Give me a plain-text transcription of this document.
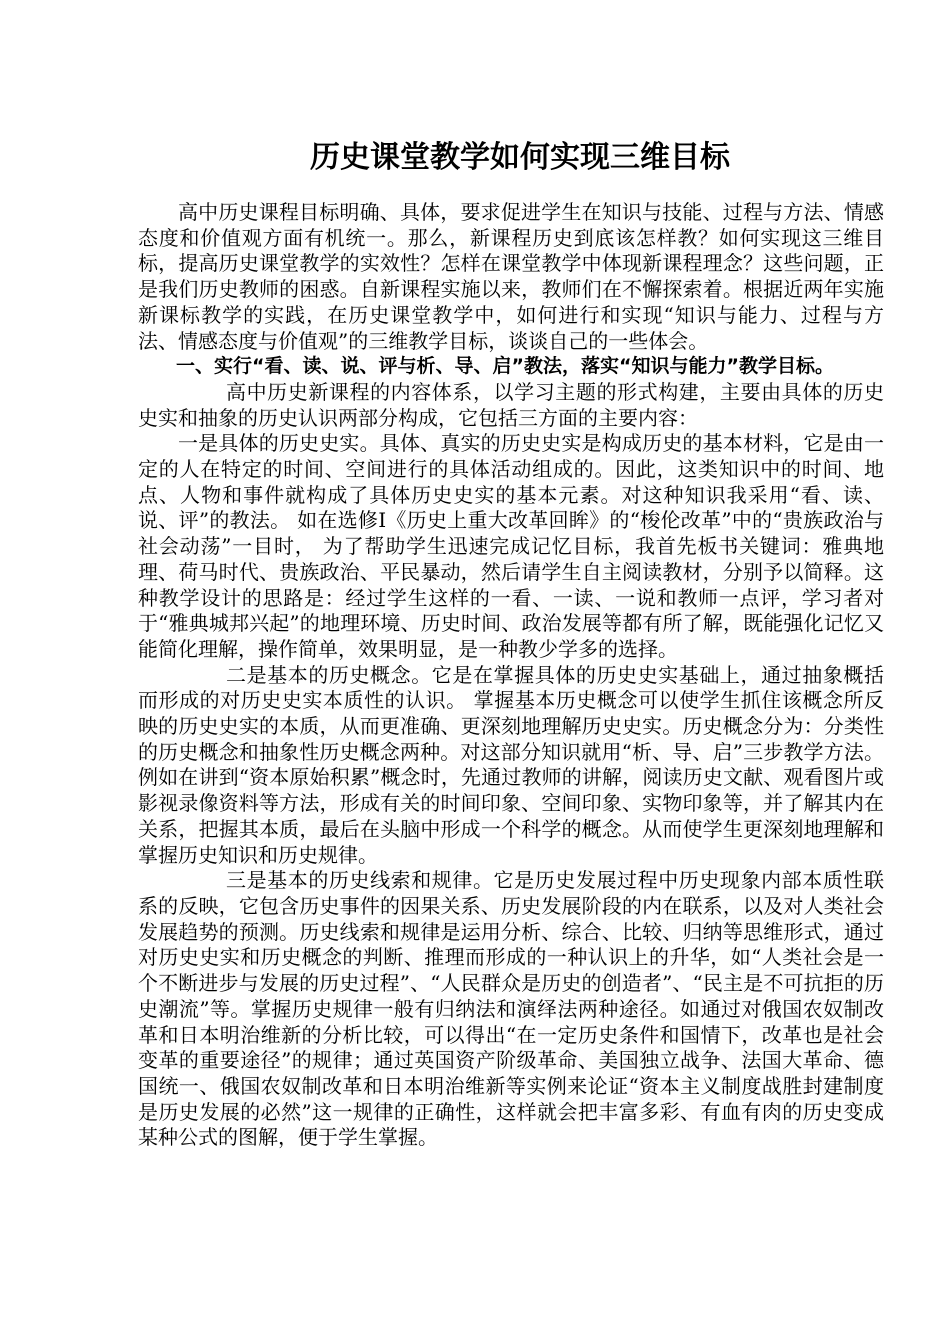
历史课堂教学如何实现三维目标

高中历史课程目标明确、具体，要求促进学生在知识与技能、过程与方法、情感态度和价值观方面有机统一。那么，新课程历史到底该怎样教？如何实现这三维目标，提高历史课堂教学的实效性？怎样在课堂教学中体现新课程理念？这些问题，正是我们历史教师的困惑。自新课程实施以来，教师们在不懈探索着。根据近两年实施新课标教学的实践，在历史课堂教学中，如何进行和实现“知识与能力、过程与方法、情感态度与价值观”的三维教学目标，谈谈自己的一些体会。

一、实行“看、读、说、评与析、导、启”教法，落实“知识与能力”教学目标。

高中历史新课程的内容体系，以学习主题的形式构建，主要由具体的历史史实和抽象的历史认识两部分构成，它包括三方面的主要内容：

一是具体的历史史实。具体、真实的历史史实是构成历史的基本材料，它是由一定的人在特定的时间、空间进行的具体活动组成的。因此，这类知识中的时间、地点、人物和事件就构成了具体历史史实的基本元素。对这种知识我采用“看、读、说、评”的教法。 如在选修Ⅰ《历史上重大改革回眸》的“梭伦改革”中的“贵族政治与社会动荡”一目时， 为了帮助学生迅速完成记忆目标，我首先板书关键词：雅典地理、荷马时代、贵族政治、平民暴动，然后请学生自主阅读教材，分别予以简释。这种教学设计的思路是：经过学生这样的一看、一读、一说和教师一点评，学习者对于“雅典城邦兴起”的地理环境、历史时间、政治发展等都有所了解，既能强化记忆又能简化理解，操作简单，效果明显，是一种教少学多的选择。

二是基本的历史概念。它是在掌握具体的历史史实基础上，通过抽象概括而形成的对历史史实本质性的认识。 掌握基本历史概念可以使学生抓住该概念所反映的历史史实的本质，从而更准确、更深刻地理解历史史实。历史概念分为：分类性的历史概念和抽象性历史概念两种。对这部分知识就用“析、导、启”三步教学方法。例如在讲到“资本原始积累”概念时，先通过教师的讲解，阅读历史文献、观看图片或影视录像资料等方法，形成有关的时间印象、空间印象、实物印象等，并了解其内在关系，把握其本质，最后在头脑中形成一个科学的概念。从而使学生更深刻地理解和掌握历史知识和历史规律。

三是基本的历史线索和规律。它是历史发展过程中历史现象内部本质性联系的反映，它包含历史事件的因果关系、历史发展阶段的内在联系，以及对人类社会发展趋势的预测。历史线索和规律是运用分析、综合、比较、归纳等思维形式，通过对历史史实和历史概念的判断、推理而形成的一种认识上的升华，如“人类社会是一个不断进步与发展的历史过程”、“人民群众是历史的创造者”、“民主是不可抗拒的历史潮流”等。掌握历史规律一般有归纳法和演绎法两种途径。如通过对俄国农奴制改革和日本明治维新的分析比较，可以得出“在一定历史条件和国情下，改革也是社会变革的重要途径”的规律；通过英国资产阶级革命、美国独立战争、法国大革命、德国统一、俄国农奴制改革和日本明治维新等实例来论证“资本主义制度战胜封建制度是历史发展的必然”这一规律的正确性，这样就会把丰富多彩、有血有肉的历史变成某种公式的图解，便于学生掌握。
